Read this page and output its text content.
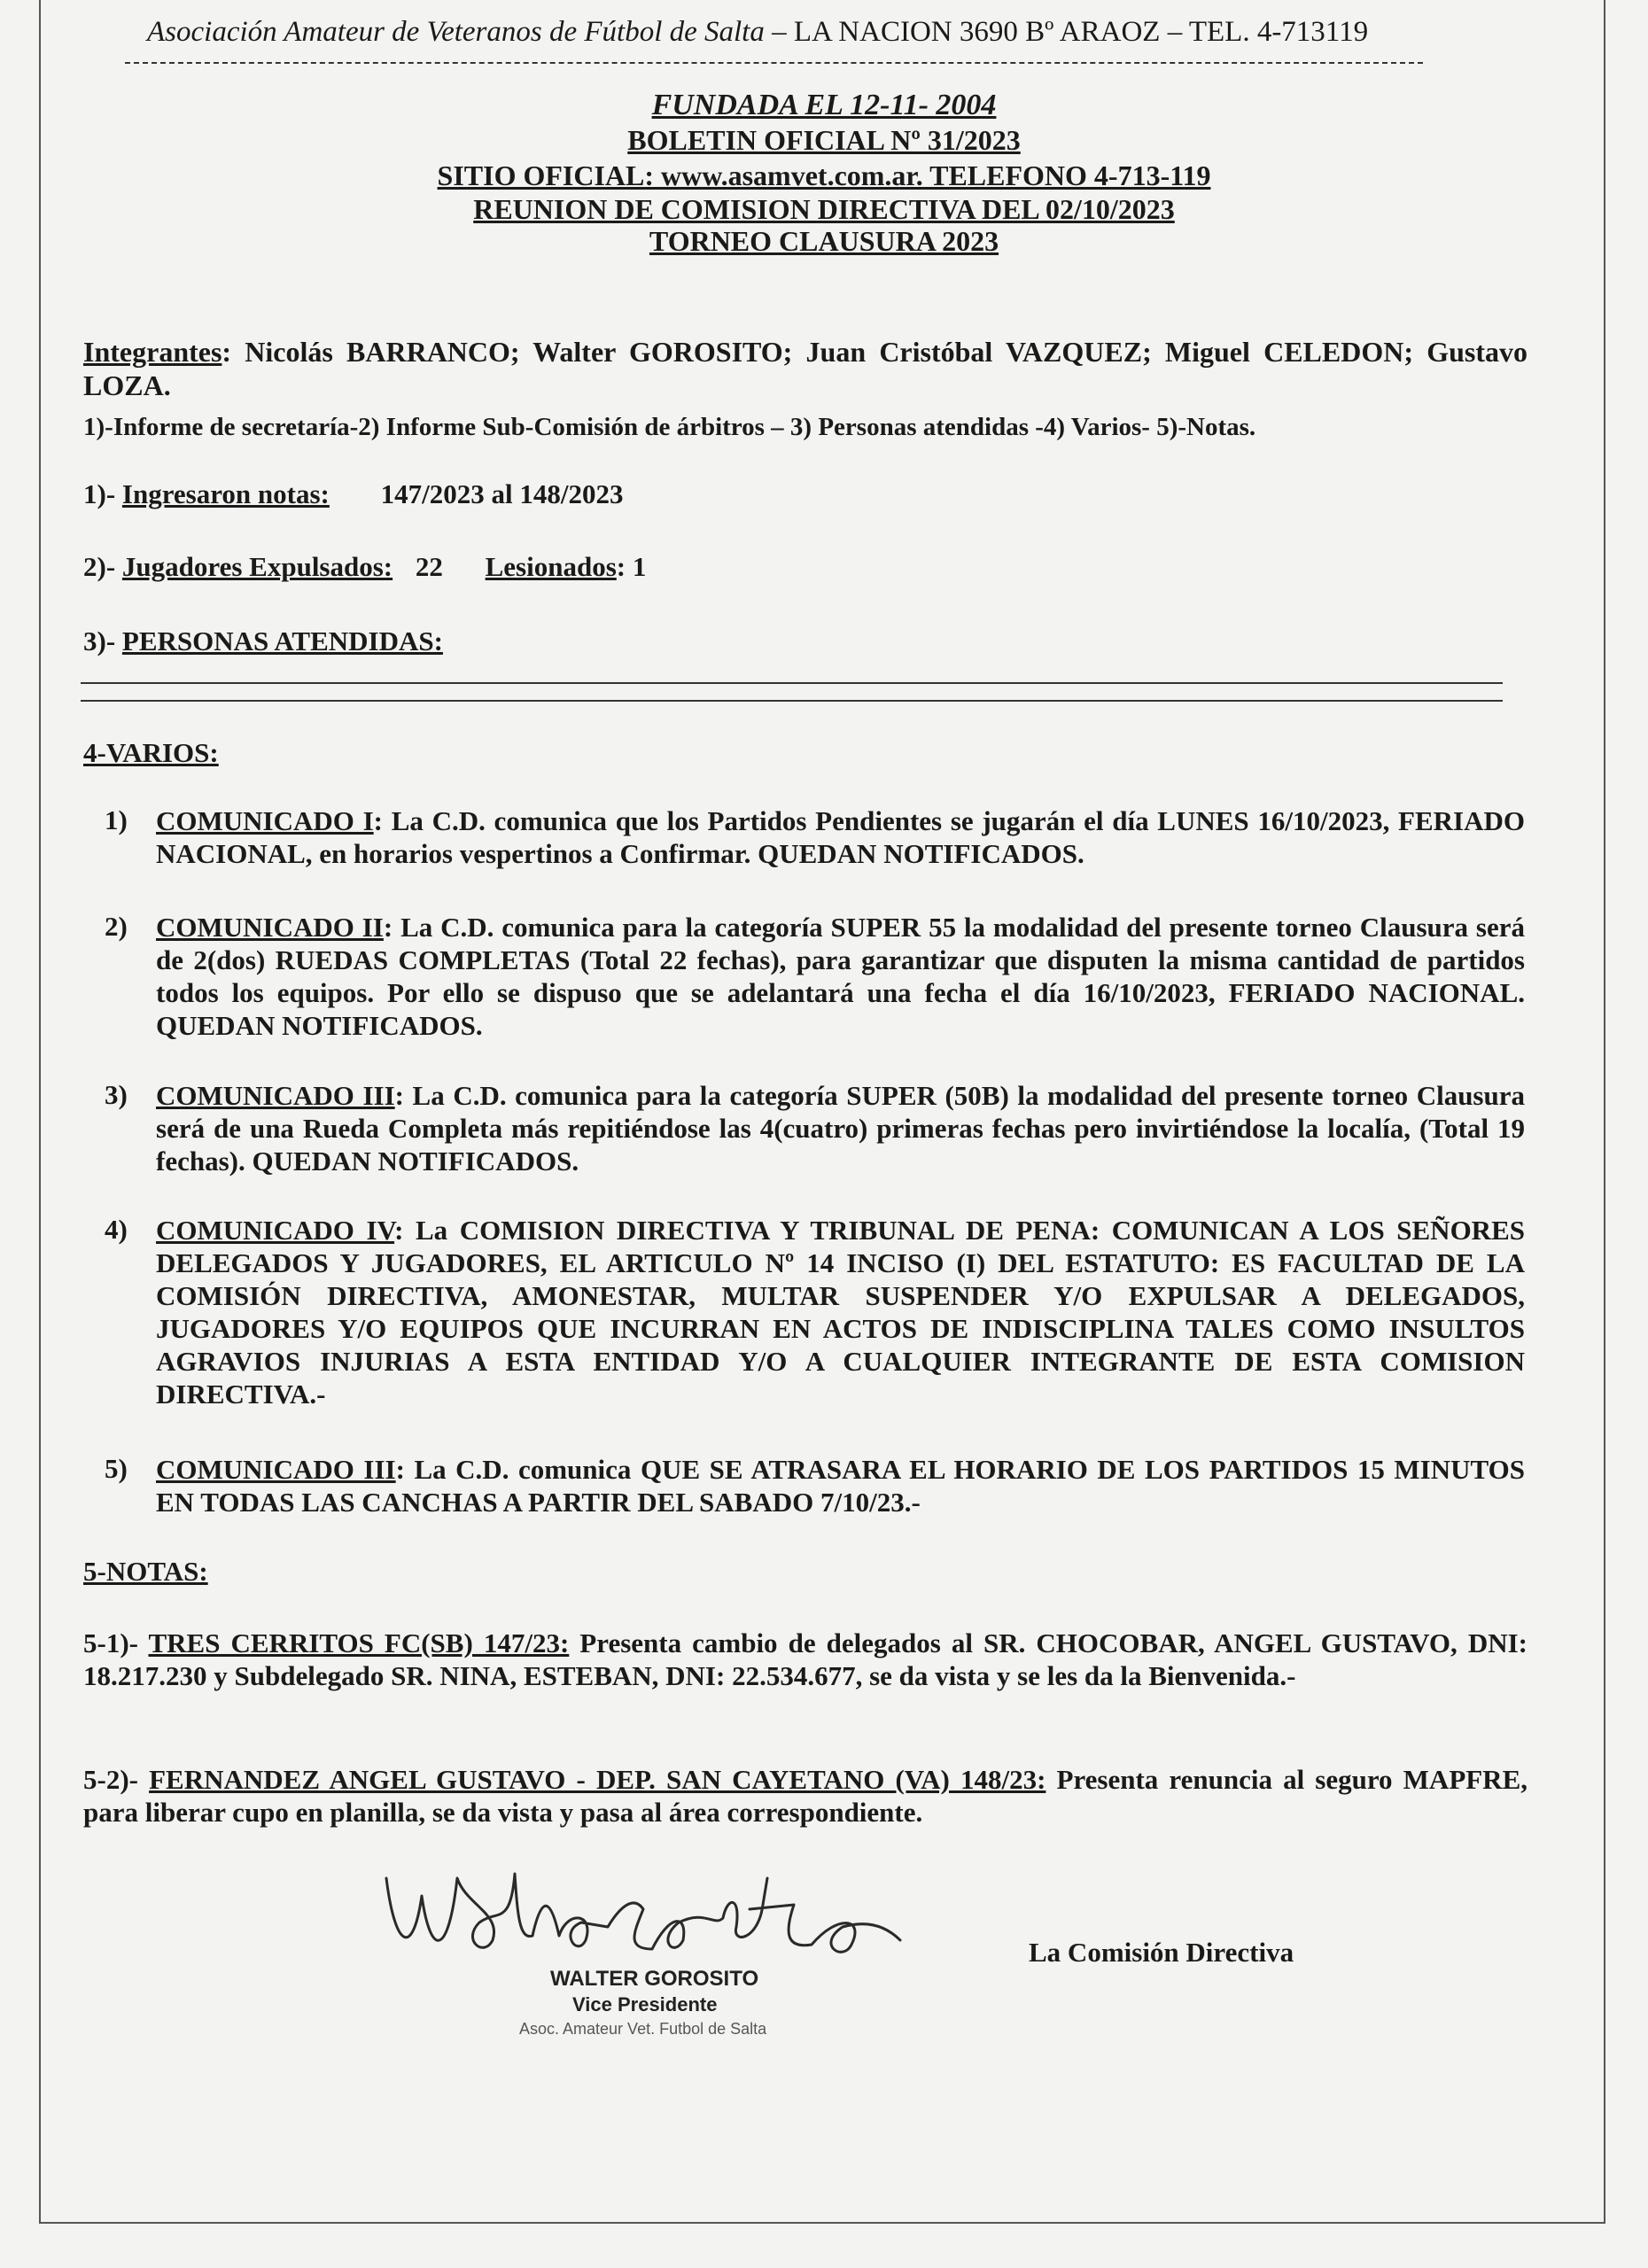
Asociación Amateur de Veteranos de Fútbol de Salta – LA NACION 3690 Bº ARAOZ – TEL. 4-713119
FUNDADA EL 12-11- 2004
BOLETIN OFICIAL Nº 31/2023
SITIO OFICIAL: www.asamvet.com.ar. TELEFONO 4-713-119
REUNION DE COMISION DIRECTIVA DEL 02/10/2023
TORNEO CLAUSURA 2023
Integrantes: Nicolás BARRANCO; Walter GOROSITO; Juan Cristóbal VAZQUEZ; Miguel CELEDON; Gustavo LOZA.
1)-Informe de secretaría-2) Informe Sub-Comisión de árbitros – 3) Personas atendidas -4) Varios- 5)-Notas.
1)- Ingresaron notas: 147/2023 al 148/2023
2)- Jugadores Expulsados: 22 Lesionados: 1
3)- PERSONAS ATENDIDAS:
4-VARIOS:
1) COMUNICADO I: La C.D. comunica que los Partidos Pendientes se jugarán el día LUNES 16/10/2023, FERIADO NACIONAL, en horarios vespertinos a Confirmar. QUEDAN NOTIFICADOS.
2) COMUNICADO II: La C.D. comunica para la categoría SUPER 55 la modalidad del presente torneo Clausura será de 2(dos) RUEDAS COMPLETAS (Total 22 fechas), para garantizar que disputen la misma cantidad de partidos todos los equipos. Por ello se dispuso que se adelantará una fecha el día 16/10/2023, FERIADO NACIONAL. QUEDAN NOTIFICADOS.
3) COMUNICADO III: La C.D. comunica para la categoría SUPER (50B) la modalidad del presente torneo Clausura será de una Rueda Completa más repitiéndose las 4(cuatro) primeras fechas pero invirtiéndose la localía, (Total 19 fechas). QUEDAN NOTIFICADOS.
4) COMUNICADO IV: La COMISION DIRECTIVA Y TRIBUNAL DE PENA: COMUNICAN A LOS SEÑORES DELEGADOS Y JUGADORES, EL ARTICULO Nº 14 INCISO (I) DEL ESTATUTO: ES FACULTAD DE LA COMISIÓN DIRECTIVA, AMONESTAR, MULTAR SUSPENDER Y/O EXPULSAR A DELEGADOS, JUGADORES Y/O EQUIPOS QUE INCURRAN EN ACTOS DE INDISCIPLINA TALES COMO INSULTOS AGRAVIOS INJURIAS A ESTA ENTIDAD Y/O A CUALQUIER INTEGRANTE DE ESTA COMISION DIRECTIVA.-
5) COMUNICADO III: La C.D. comunica QUE SE ATRASARA EL HORARIO DE LOS PARTIDOS 15 MINUTOS EN TODAS LAS CANCHAS A PARTIR DEL SABADO 7/10/23.-
5-NOTAS:
5-1)- TRES CERRITOS FC(SB) 147/23: Presenta cambio de delegados al SR. CHOCOBAR, ANGEL GUSTAVO, DNI: 18.217.230 y Subdelegado SR. NINA, ESTEBAN, DNI: 22.534.677, se da vista y se les da la Bienvenida.-
5-2)- FERNANDEZ ANGEL GUSTAVO - DEP. SAN CAYETANO (VA) 148/23: Presenta renuncia al seguro MAPFRE, para liberar cupo en planilla, se da vista y pasa al área correspondiente.
WALTER GOROSITO
Vice Presidente
Asoc. Amateur Vet. Futbol de Salta
La Comisión Directiva
